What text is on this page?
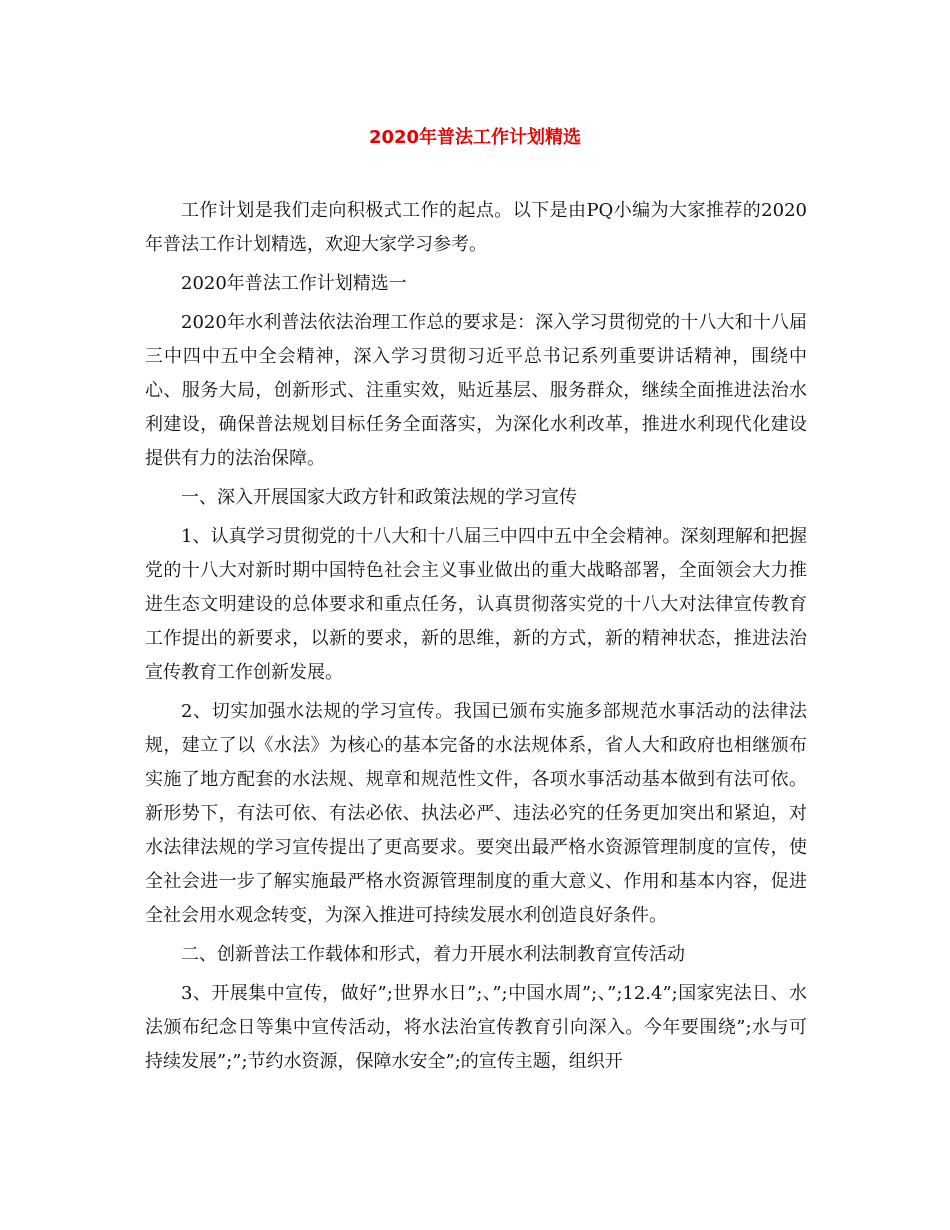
2020年普法工作计划精选

工作计划是我们走向积极式工作的起点。以下是由PQ小编为大家推荐的2020年普法工作计划精选，欢迎大家学习参考。

2020年普法工作计划精选一

2020年水利普法依法治理工作总的要求是：深入学习贯彻党的十八大和十八届三中四中五中全会精神，深入学习贯彻习近平总书记系列重要讲话精神，围绕中心、服务大局，创新形式、注重实效，贴近基层、服务群众，继续全面推进法治水利建设，确保普法规划目标任务全面落实，为深化水利改革，推进水利现代化建设提供有力的法治保障。

一、深入开展国家大政方针和政策法规的学习宣传

1、认真学习贯彻党的十八大和十八届三中四中五中全会精神。深刻理解和把握党的十八大对新时期中国特色社会主义事业做出的重大战略部署，全面领会大力推进生态文明建设的总体要求和重点任务，认真贯彻落实党的十八大对法律宣传教育工作提出的新要求，以新的要求，新的思维，新的方式，新的精神状态，推进法治宣传教育工作创新发展。

2、切实加强水法规的学习宣传。我国已颁布实施多部规范水事活动的法律法规，建立了以《水法》为核心的基本完备的水法规体系，省人大和政府也相继颁布实施了地方配套的水法规、规章和规范性文件，各项水事活动基本做到有法可依。新形势下，有法可依、有法必依、执法必严、违法必究的任务更加突出和紧迫，对水法律法规的学习宣传提出了更高要求。要突出最严格水资源管理制度的宣传，使全社会进一步了解实施最严格水资源管理制度的重大意义、作用和基本内容，促进全社会用水观念转变，为深入推进可持续发展水利创造良好条件。

二、创新普法工作载体和形式，着力开展水利法制教育宣传活动

3、开展集中宣传，做好”;世界水日”;、”;中国水周”;、”;12.4”;国家宪法日、水法颁布纪念日等集中宣传活动，将水法治宣传教育引向深入。今年要围绕”;水与可持续发展”;”;节约水资源，保障水安全”;的宣传主题，组织开
